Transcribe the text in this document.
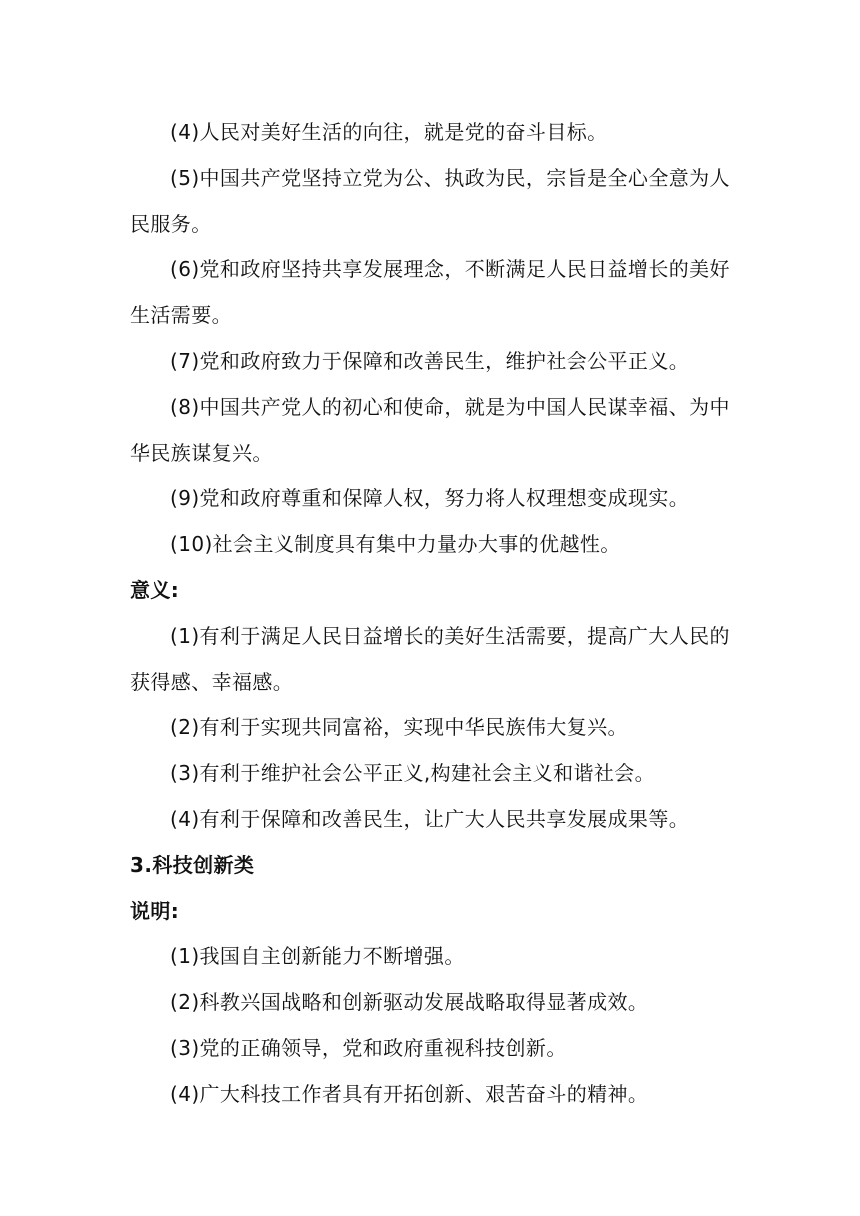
(4)人民对美好生活的向往，就是党的奋斗目标。

(5)中国共产党坚持立党为公、执政为民，宗旨是全心全意为人民服务。

(6)党和政府坚持共享发展理念，不断满足人民日益增长的美好生活需要。

(7)党和政府致力于保障和改善民生，维护社会公平正义。

(8)中国共产党人的初心和使命，就是为中国人民谋幸福、为中华民族谋复兴。

(9)党和政府尊重和保障人权，努力将人权理想变成现实。

(10)社会主义制度具有集中力量办大事的优越性。

意义:

(1)有利于满足人民日益增长的美好生活需要，提高广大人民的获得感、幸福感。

(2)有利于实现共同富裕，实现中华民族伟大复兴。

(3)有利于维护社会公平正义,构建社会主义和谐社会。

(4)有利于保障和改善民生，让广大人民共享发展成果等。

3.科技创新类

说明:

(1)我国自主创新能力不断增强。

(2)科教兴国战略和创新驱动发展战略取得显著成效。

(3)党的正确领导，党和政府重视科技创新。

(4)广大科技工作者具有开拓创新、艰苦奋斗的精神。
